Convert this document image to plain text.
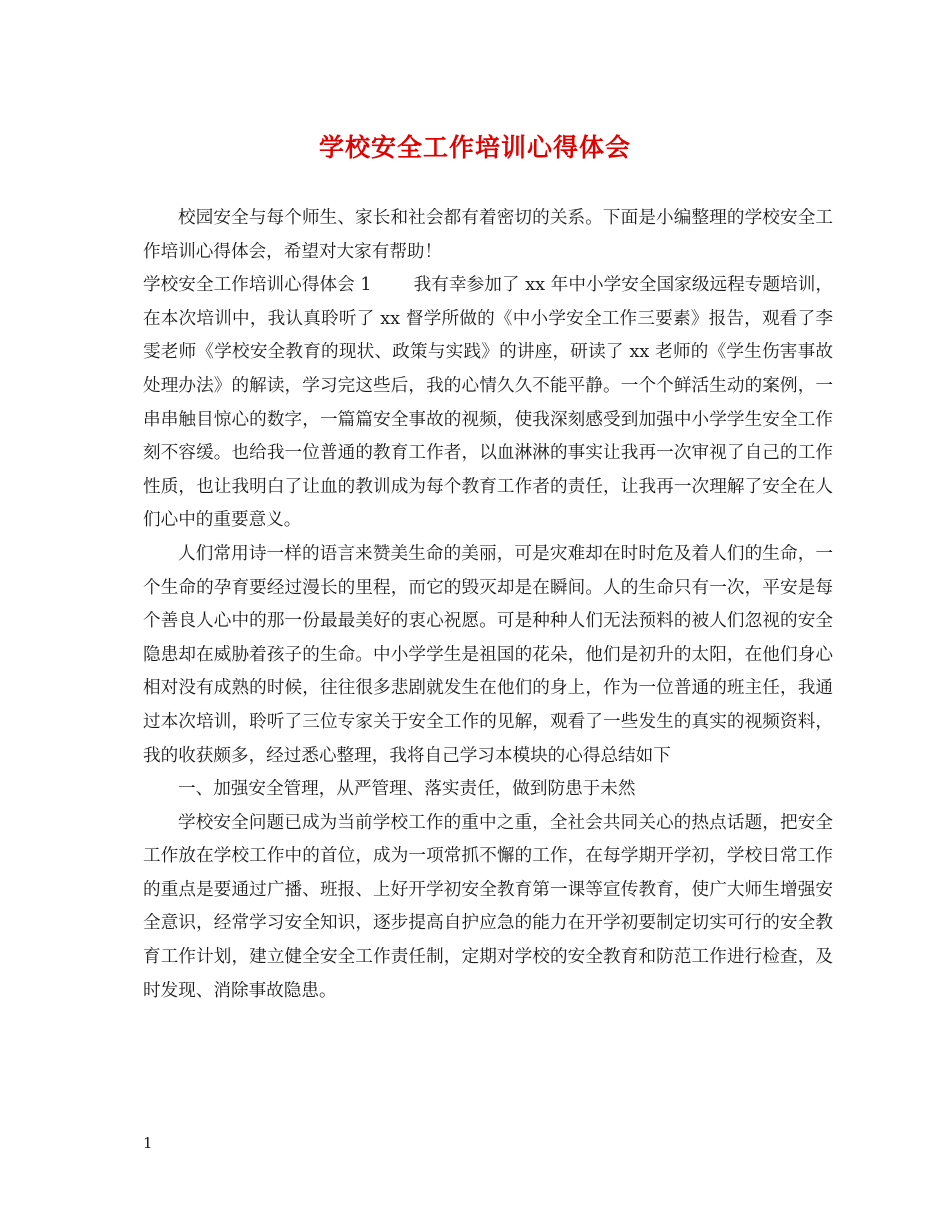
学校安全工作培训心得体会

校园安全与每个师生、家长和社会都有着密切的关系。下面是小编整理的学校安全工作培训心得体会，希望对大家有帮助！

学校安全工作培训心得体会 1 我有幸参加了 xx 年中小学安全国家级远程专题培训，在本次培训中，我认真聆听了 xx 督学所做的《中小学安全工作三要素》报告，观看了李雯老师《学校安全教育的现状、政策与实践》的讲座，研读了 xx 老师的《学生伤害事故处理办法》的解读，学习完这些后，我的心情久久不能平静。一个个鲜活生动的案例，一串串触目惊心的数字，一篇篇安全事故的视频，使我深刻感受到加强中小学学生安全工作刻不容缓。也给我一位普通的教育工作者，以血淋淋的事实让我再一次审视了自己的工作性质，也让我明白了让血的教训成为每个教育工作者的责任，让我再一次理解了安全在人们心中的重要意义。

人们常用诗一样的语言来赞美生命的美丽，可是灾难却在时时危及着人们的生命，一个生命的孕育要经过漫长的里程，而它的毁灭却是在瞬间。人的生命只有一次，平安是每个善良人心中的那一份最最美好的衷心祝愿。可是种种人们无法预料的被人们忽视的安全隐患却在威胁着孩子的生命。中小学学生是祖国的花朵，他们是初升的太阳，在他们身心相对没有成熟的时候，往往很多悲剧就发生在他们的身上，作为一位普通的班主任，我通过本次培训，聆听了三位专家关于安全工作的见解，观看了一些发生的真实的视频资料，我的收获颇多，经过悉心整理，我将自己学习本模块的心得总结如下

一、加强安全管理，从严管理、落实责任，做到防患于未然

学校安全问题已成为当前学校工作的重中之重，全社会共同关心的热点话题，把安全工作放在学校工作中的首位，成为一项常抓不懈的工作，在每学期开学初，学校日常工作的重点是要通过广播、班报、上好开学初安全教育第一课等宣传教育，使广大师生增强安全意识，经常学习安全知识，逐步提高自护应急的能力在开学初要制定切实可行的安全教育工作计划，建立健全安全工作责任制，定期对学校的安全教育和防范工作进行检查，及时发现、消除事故隐患。

1
